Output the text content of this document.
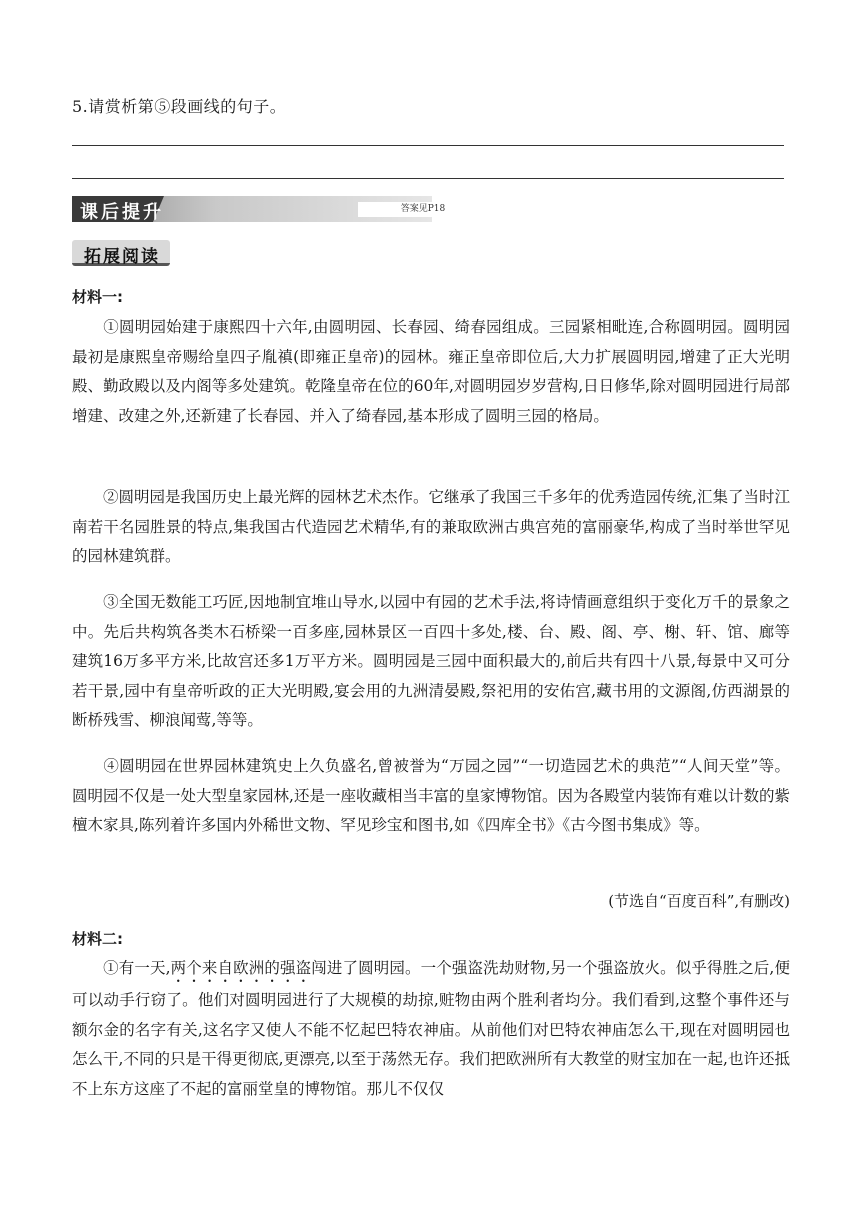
5.请赏析第⑤段画线的句子。
课后提升	答案见P18
拓展阅读
材料一:

①圆明园始建于康熙四十六年,由圆明园、长春园、绮春园组成。三园紧相毗连,合称圆明园。圆明园最初是康熙皇帝赐给皇四子胤禛(即雍正皇帝)的园林。雍正皇帝即位后,大力扩展圆明园,增建了正大光明殿、勤政殿以及内阁等多处建筑。乾隆皇帝在位的60年,对圆明园岁岁营构,日日修华,除对圆明园进行局部增建、改建之外,还新建了长春园、并入了绮春园,基本形成了圆明三园的格局。

②圆明园是我国历史上最光辉的园林艺术杰作。它继承了我国三千多年的优秀造园传统,汇集了当时江南若干名园胜景的特点,集我国古代造园艺术精华,有的兼取欧洲古典宫苑的富丽豪华,构成了当时举世罕见的园林建筑群。

③全国无数能工巧匠,因地制宜堆山导水,以园中有园的艺术手法,将诗情画意组织于变化万千的景象之中。先后共构筑各类木石桥梁一百多座,园林景区一百四十多处,楼、台、殿、阁、亭、榭、轩、馆、廊等建筑16万多平方米,比故宫还多1万平方米。圆明园是三园中面积最大的,前后共有四十八景,每景中又可分若干景,园中有皇帝听政的正大光明殿,宴会用的九洲清晏殿,祭祀用的安佑宫,藏书用的文源阁,仿西湖景的断桥残雪、柳浪闻莺,等等。

④圆明园在世界园林建筑史上久负盛名,曾被誉为“万园之园”“一切造园艺术的典范”“人间天堂”等。圆明园不仅是一处大型皇家园林,还是一座收藏相当丰富的皇家博物馆。因为各殿堂内装饰有难以计数的紫檀木家具,陈列着许多国内外稀世文物、罕见珍宝和图书,如《四库全书》《古今图书集成》等。

(节选自“百度百科”,有删改)
材料二:

①有一天,两个来自欧洲的强盗闯进了圆明园。一个强盗洗劫财物,另一个强盗放火。似乎得胜之后,便可以动手行窃了。他们对圆明园进行了大规模的劫掠,赃物由两个胜利者均分。我们看到,这整个事件还与额尔金的名字有关,这名字又使人不能不忆起巴特农神庙。从前他们对巴特农神庙怎么干,现在对圆明园也怎么干,不同的只是干得更彻底,更漂亮,以至于荡然无存。我们把欧洲所有大教堂的财宝加在一起,也许还抵不上东方这座了不起的富丽堂皇的博物馆。那儿不仅仅
